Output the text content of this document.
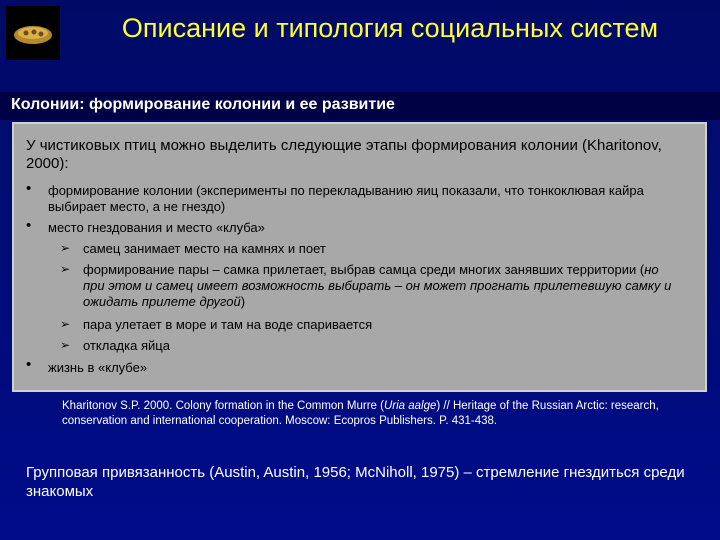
Описание и типология социальных систем
Колонии: формирование колонии и ее развитие
У чистиковых птиц можно выделить следующие этапы формирования колонии (Kharitonov, 2000):
• формирование колонии (эксперименты по перекладыванию яиц показали, что тонкоклювая кайра выбирает место, а не гнездо)
• место гнездования и место «клуба»
➢ самец занимает место на камнях и поет
➢ формирование пары – самка прилетает, выбрав самца среди многих занявших территории (но при этом и самец имеет возможность выбирать – он может прогнать прилетевшую самку и ожидать прилете другой)
➢ пара улетает в море и там на воде спаривается
➢ откладка яйца
• жизнь в «клубе»
Kharitonov S.P. 2000. Colony formation in the Common Murre (Uria aalge) // Heritage of the Russian Arctic: research, conservation and international cooperation. Moscow: Ecopros Publishers. P. 431-438.
Групповая привязанность (Austin, Austin, 1956; McNiholl, 1975) – стремление гнездиться среди знакомых
